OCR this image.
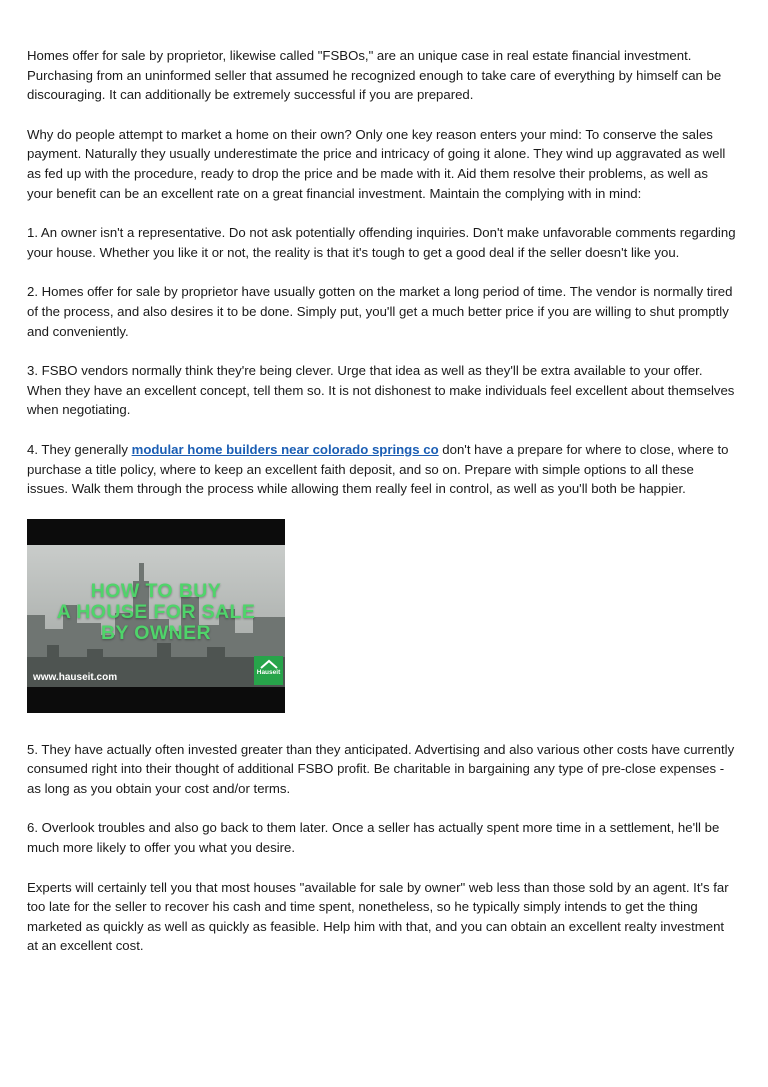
Homes offer for sale by proprietor, likewise called "FSBOs," are an unique case in real estate financial investment. Purchasing from an uninformed seller that assumed he recognized enough to take care of everything by himself can be discouraging. It can additionally be extremely successful if you are prepared.

Why do people attempt to market a home on their own? Only one key reason enters your mind: To conserve the sales payment. Naturally they usually underestimate the price and intricacy of going it alone. They wind up aggravated as well as fed up with the procedure, ready to drop the price and be made with it. Aid them resolve their problems, as well as your benefit can be an excellent rate on a great financial investment. Maintain the complying with in mind:

1. An owner isn't a representative. Do not ask potentially offending inquiries. Don't make unfavorable comments regarding your house. Whether you like it or not, the reality is that it's tough to get a good deal if the seller doesn't like you.

2. Homes offer for sale by proprietor have usually gotten on the market a long period of time. The vendor is normally tired of the process, and also desires it to be done. Simply put, you'll get a much better price if you are willing to shut promptly and conveniently.

3. FSBO vendors normally think they're being clever. Urge that idea as well as they'll be extra available to your offer. When they have an excellent concept, tell them so. It is not dishonest to make individuals feel excellent about themselves when negotiating.

4. They generally modular home builders near colorado springs co don't have a prepare for where to close, where to purchase a title policy, where to keep an excellent faith deposit, and so on. Prepare with simple options to all these issues. Walk them through the process while allowing them really feel in control, as well as you'll both be happier.

HOW TO BUY
A HOUSE FOR SALE
BY OWNER
www.hauseit.com	Hauseit

5. They have actually often invested greater than they anticipated. Advertising and also various other costs have currently consumed right into their thought of additional FSBO profit. Be charitable in bargaining any type of pre-close expenses - as long as you obtain your cost and/or terms.

6. Overlook troubles and also go back to them later. Once a seller has actually spent more time in a settlement, he'll be much more likely to offer you what you desire.

Experts will certainly tell you that most houses "available for sale by owner" web less than those sold by an agent. It's far too late for the seller to recover his cash and time spent, nonetheless, so he typically simply intends to get the thing marketed as quickly as well as quickly as feasible. Help him with that, and you can obtain an excellent realty investment at an excellent cost.
